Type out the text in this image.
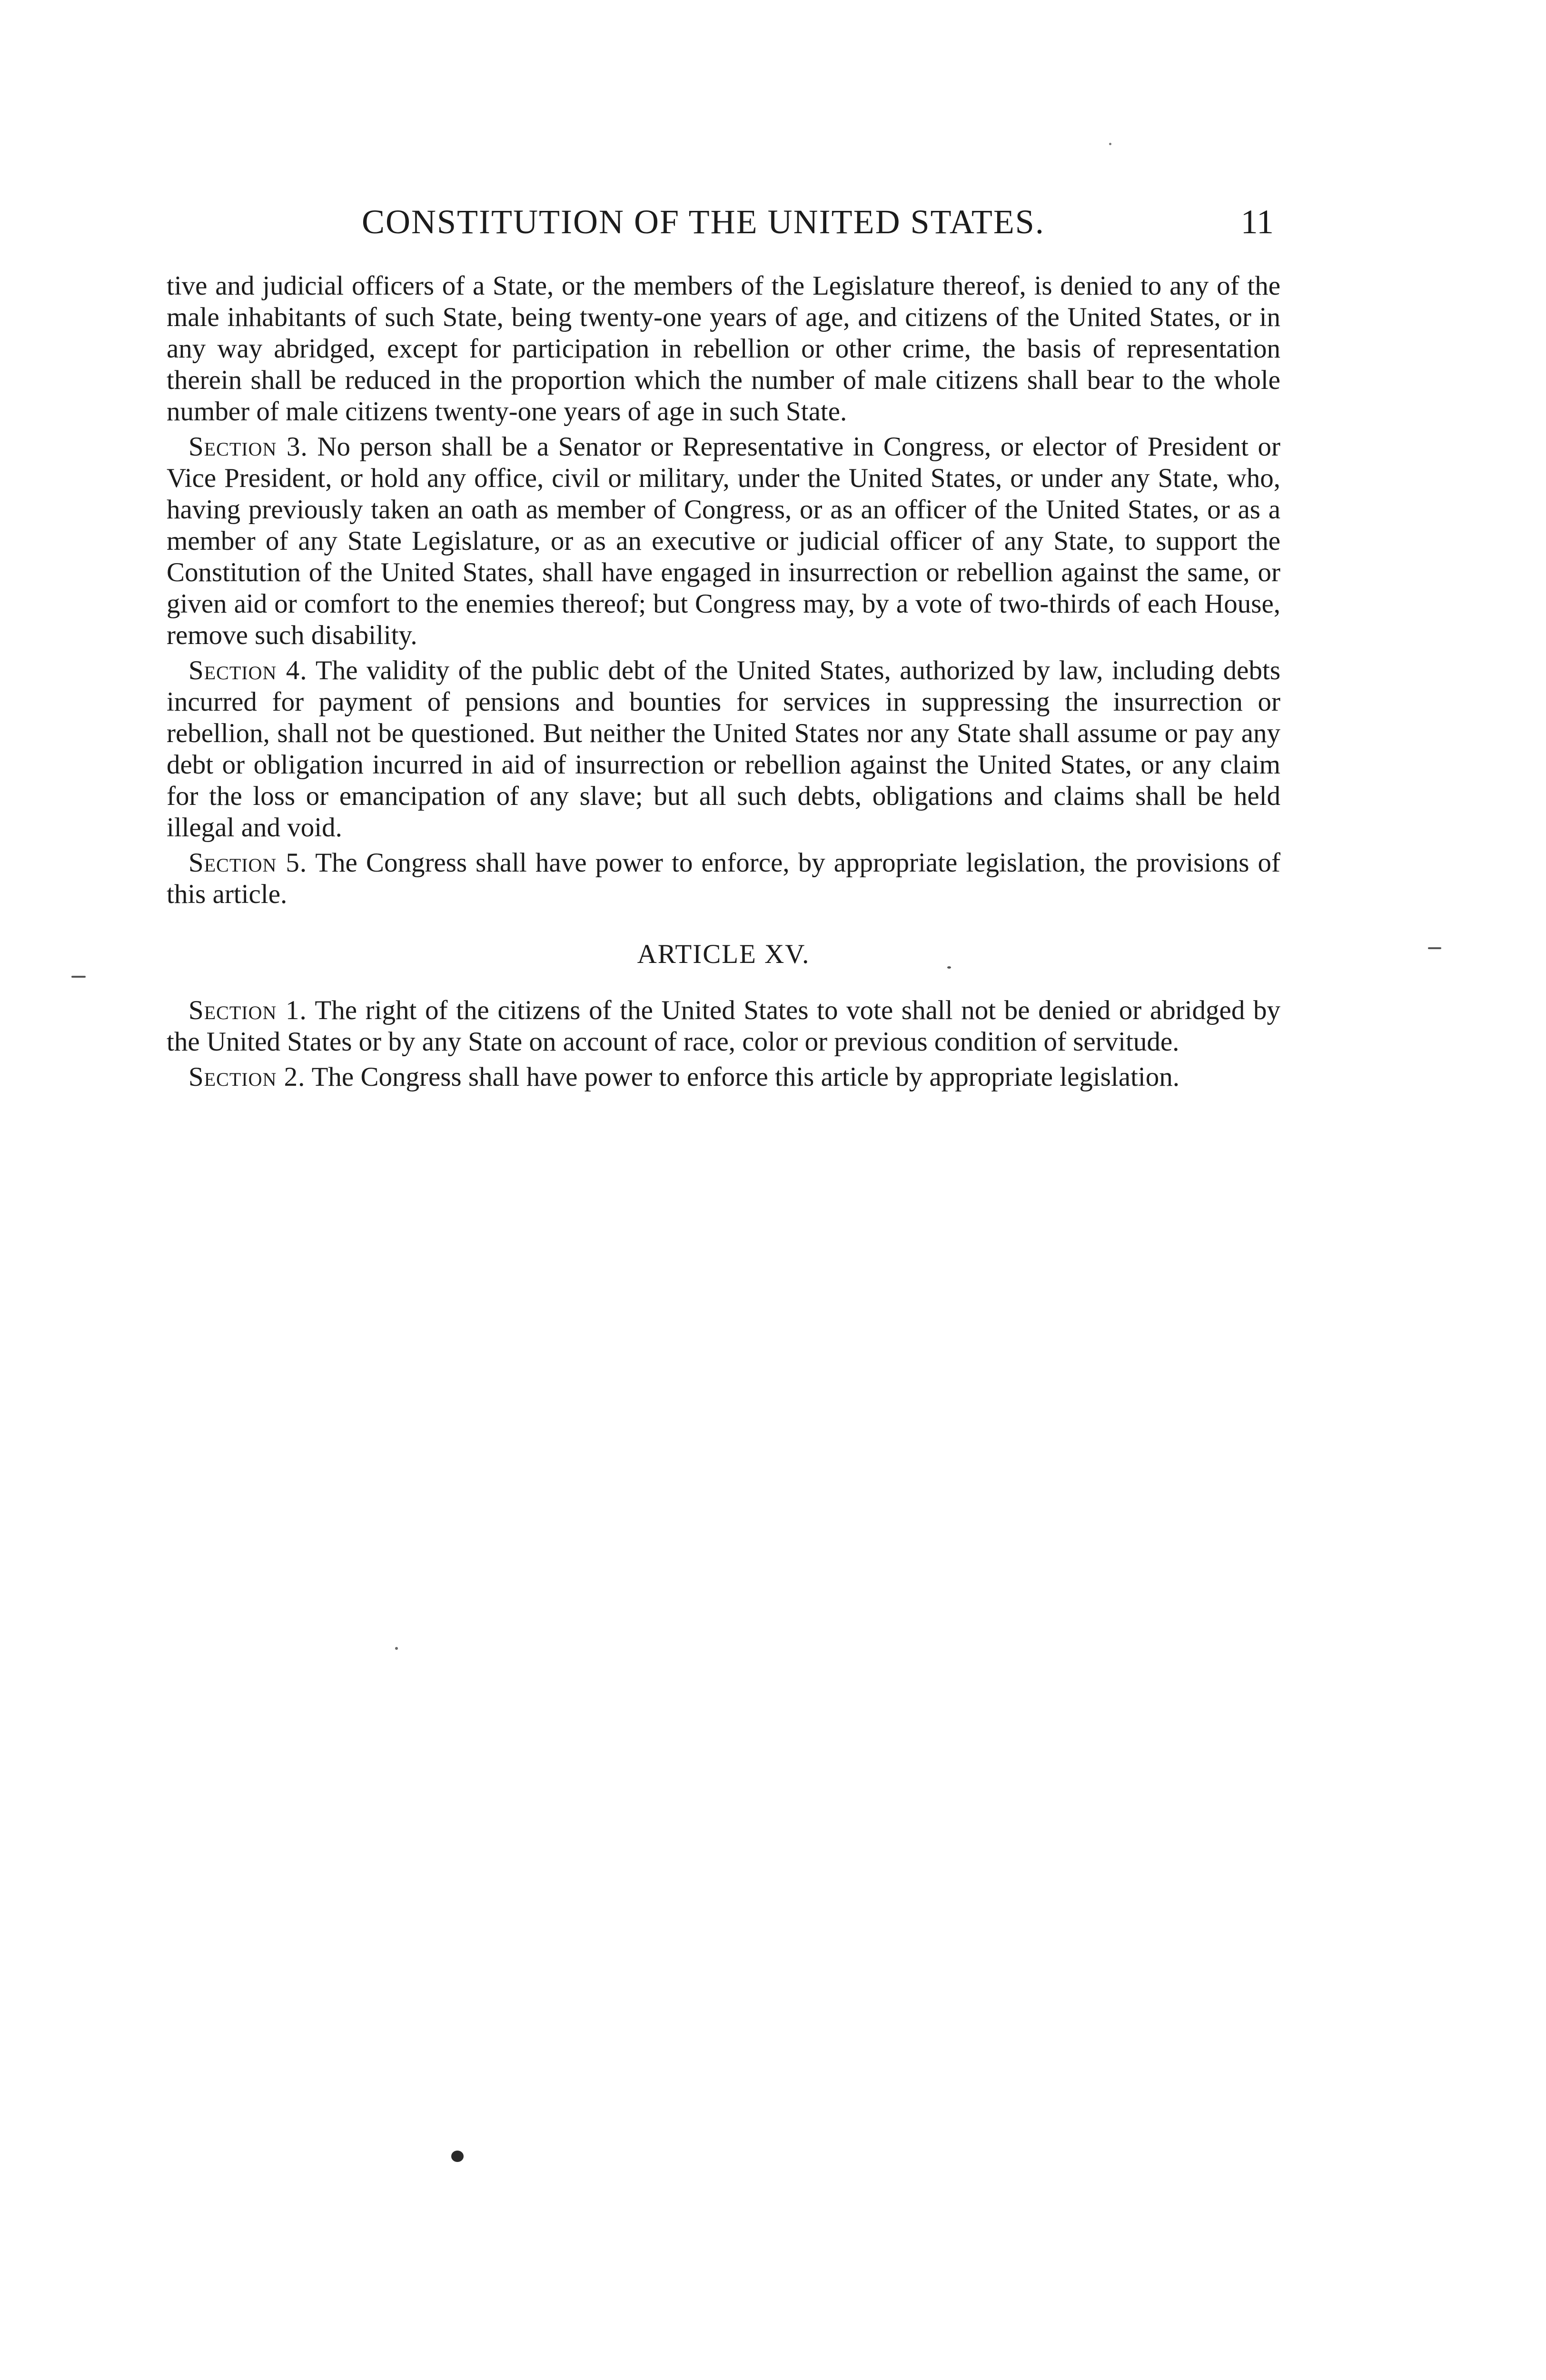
CONSTITUTION OF THE UNITED STATES.	11

tive and judicial officers of a State, or the members of the Legislature thereof, is denied to any of the male inhabitants of such State, being twenty-one years of age, and citizens of the United States, or in any way abridged, except for participation in rebellion or other crime, the basis of representation therein shall be reduced in the proportion which the number of male citizens shall bear to the whole number of male citizens twenty-one years of age in such State.

Section 3. No person shall be a Senator or Representative in Congress, or elector of President or Vice President, or hold any office, civil or military, under the United States, or under any State, who, having previously taken an oath as member of Congress, or as an officer of the United States, or as a member of any State Legislature, or as an executive or judicial officer of any State, to support the Constitution of the United States, shall have engaged in insurrection or rebellion against the same, or given aid or comfort to the enemies thereof; but Congress may, by a vote of two-thirds of each House, remove such disability.

Section 4. The validity of the public debt of the United States, authorized by law, including debts incurred for payment of pensions and bounties for services in suppressing the insurrection or rebellion, shall not be questioned. But neither the United States nor any State shall assume or pay any debt or obligation incurred in aid of insurrection or rebellion against the United States, or any claim for the loss or emancipation of any slave; but all such debts, obligations and claims shall be held illegal and void.

Section 5. The Congress shall have power to enforce, by appropriate legislation, the provisions of this article.

ARTICLE XV.

Section 1. The right of the citizens of the United States to vote shall not be denied or abridged by the United States or by any State on account of race, color or previous condition of servitude.

Section 2. The Congress shall have power to enforce this article by appropriate legislation.
